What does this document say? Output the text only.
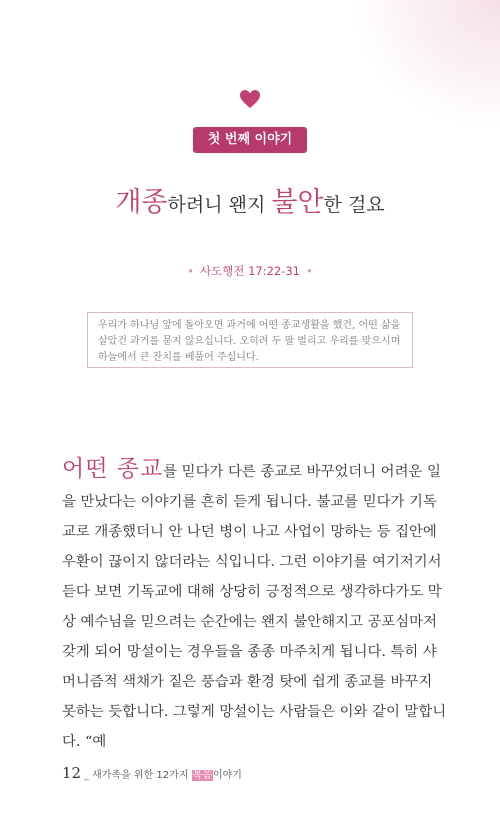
첫 번째 이야기
개종하려니 왠지 불안한 걸요
• 사도행전 17:22-31 •

우리가 하나님 앞에 돌아오면 과거에 어떤 종교생활을 했건, 어떤 삶을 살았건 과거를 묻지 않으십니다. 오히려 두 팔 벌리고 우리를 맞으시며 하늘에서 큰 잔치를 베풀어 주십니다.

어떤 종교를 믿다가 다른 종교로 바꾸었더니 어려운 일을 만났다는 이야기를 흔히 듣게 됩니다. 불교를 믿다가 기독교로 개종했더니 안 나던 병이 나고 사업이 망하는 등 집안에 우환이 끊이지 않더라는 식입니다. 그런 이야기를 여기저기서 듣다 보면 기독교에 대해 상당히 긍정적으로 생각하다가도 막상 예수님을 믿으려는 순간에는 왠지 불안해지고 공포심마저 갖게 되어 망설이는 경우들을 종종 마주치게 됩니다. 특히 샤머니즘적 색채가 짙은 풍습과 환경 탓에 쉽게 종교를 바꾸지 못하는 듯합니다. 그렇게 망설이는 사람들은 이와 같이 말합니다. “예

12 _ 새가족을 위한 12가지 복음이야기
